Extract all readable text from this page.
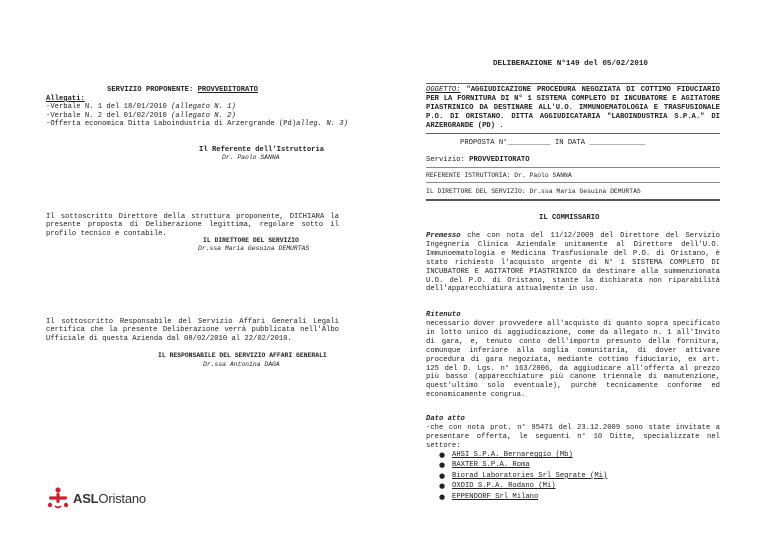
DELIBERAZIONE N°149 del 05/02/2010
SERVIZIO PROPONENTE: PROVVEDITORATO
Allegati:
-Verbale N. 1 del 18/01/2010 (allegato N. 1)
-Verbale N. 2 del 01/02/2010 (allegato N. 2)
-Offerta economica Ditta Laboindustria di Arzergrande (Pd)alleg. N. 3)
Il Referente dell'Istruttoria
Dr. Paolo SANNA
Il sottoscritto Direttore della struttura proponente, DICHIARA la presente proposta di Deliberazione legittima, regolare sotto il profilo tecnico e contabile.
IL DIRETTORE DEL SERVIZIO
Dr.ssa Maria Gesuina DEMURTAS
Il sottoscritto Responsabile del Servizio Affari Generali Legali certifica che la presente Deliberazione verrà pubblicata nell'Albo Ufficiale di questa Azienda dal 08/02/2010 al 22/02/2010.
IL RESPONSABILE DEL SERVIZIO AFFARI GENERALI
Dr.ssa Antonina DAGA
ASLOristano
OGGETTO: "AGGIUDICAZIONE PROCEDURA NEGOZIATA DI COTTIMO FIDUCIARIO PER LA FORNITURA DI N° 1 SISTEMA COMPLETO DI INCUBATORE E AGITATORE PIASTRINICO DA DESTINARE ALL'U.O. IMMUNOEMATOLOGIA E TRASFUSIONALE P.O. DI ORISTANO. DITTA AGGIUDICATARIA "LABOINDUSTRIA S.P.A." DI ARZERGRANDE (PD) .
PROPOSTA N°__________ IN DATA _____________
Servizio: PROVVEDITORATO
REFERENTE ISTRUTTORIA: Dr. Paolo SANNA
IL DIRETTORE DEL SERVIZIO: Dr.ssa Maria Gesuina DEMURTAS
IL COMMISSARIO
Premesso che con nota del 11/12/2009 del Direttore del Servizio Ingegneria Clinica Aziendale unitamente al Direttore dell'U.O. Immunoematologia e Medicina Trasfusionale del P.O. di Oristano, è stato richiesto l'acquisto urgente di N° 1 SISTEMA COMPLETO DI INCUBATORE E AGITATORE PIASTRINICO da destinare alla summenzionata U.O. del P.O. di Oristano, stante la dichiarata non riparabilità dell'apparecchiatura attualmente in uso.
Ritenuto
necessario dover provvedere all'acquisto di quanto sopra specificato in lotto unico di aggiudicazione, come da allegato n. 1 all'Invito di gara, e, tenuto conto dell'importo presunto della fornitura, comunque inferiore alla soglia comunitaria, di dover attivare procedura di gara negoziata, mediante cottimo fiduciario, ex art. 125 del D. Lgs. n° 163/2006, da aggiudicare all'offerta al prezzo più basso (apparecchiature più canone triennale di manutenzione, quest'ultimo solo eventuale), purchè tecnicamente conforme ed economicamente congrua.
Dato atto
-che con nota prot. n° 95471 del 23.12.2009 sono state invitate a presentare offerta, le seguenti n° 10 Ditte, specializzate nel settore:
● AHSI S.P.A. Bernareggio (Mb)
● BAXTER S.P.A. Roma
● Biorad Laboratories Srl Segrate (Mi)
● OXOID S.P.A. Rodano (Mi)
● EPPENDORF Srl Milano
